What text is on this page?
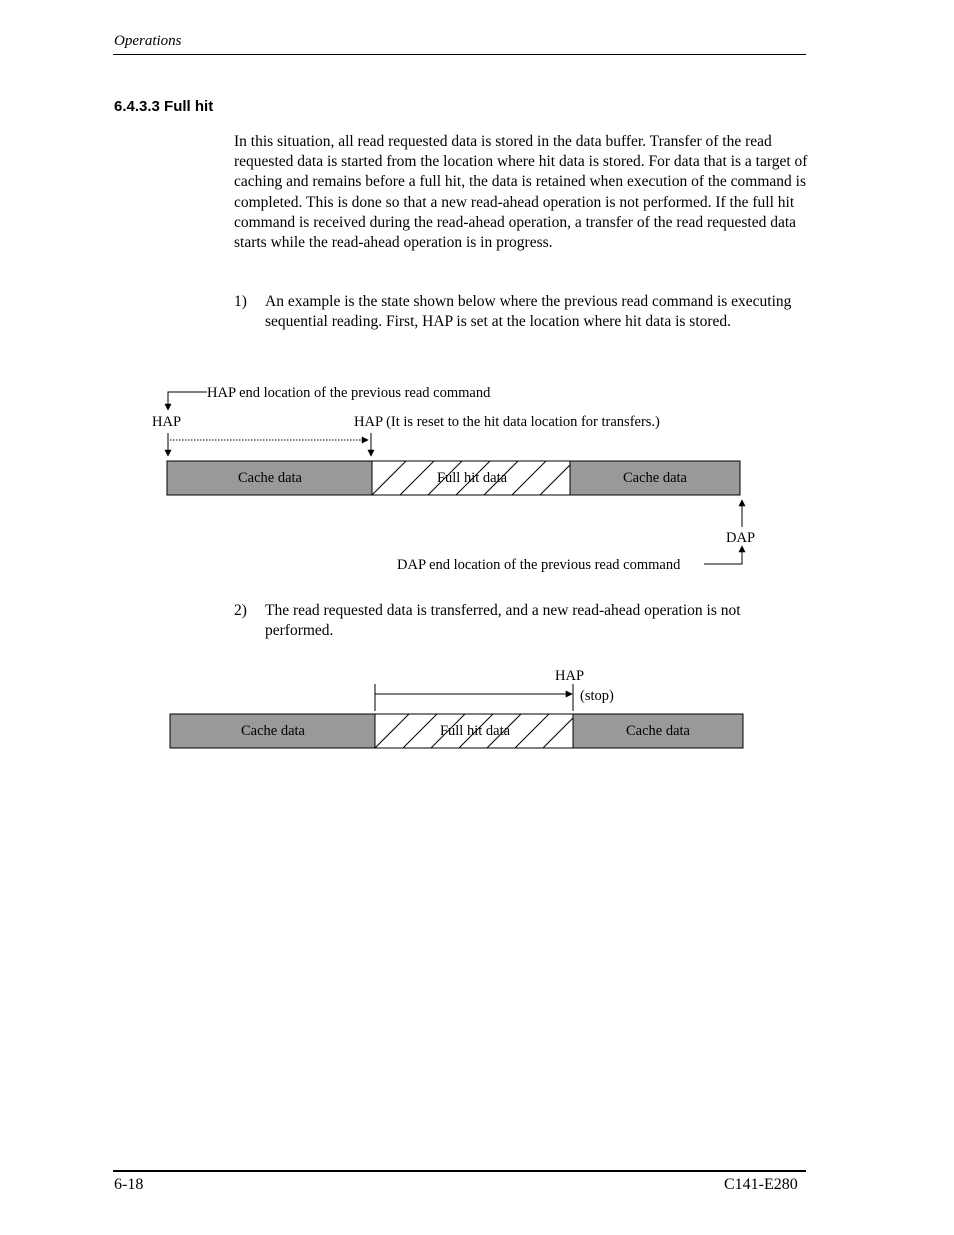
Operations
6.4.3.3 Full hit
In this situation, all read requested data is stored in the data buffer. Transfer of the read requested data is started from the location where hit data is stored. For data that is a target of caching and remains before a full hit, the data is retained when execution of the command is completed. This is done so that a new read-ahead operation is not performed. If the full hit command is received during the read-ahead operation, a transfer of the read requested data starts while the read-ahead operation is in progress.
1) An example is the state shown below where the previous read command is executing sequential reading. First, HAP is set at the location where hit data is stored.
2) The read requested data is transferred, and a new read-ahead operation is not performed.
HAP end location of the previous read command
HAP	HAP (It is reset to the hit data location for transfers.)
Cache data	Full hit data	Cache data
DAP
DAP end location of the previous read command
HAP
(stop)
Cache data	Full hit data	Cache data
6-18	C141-E280
